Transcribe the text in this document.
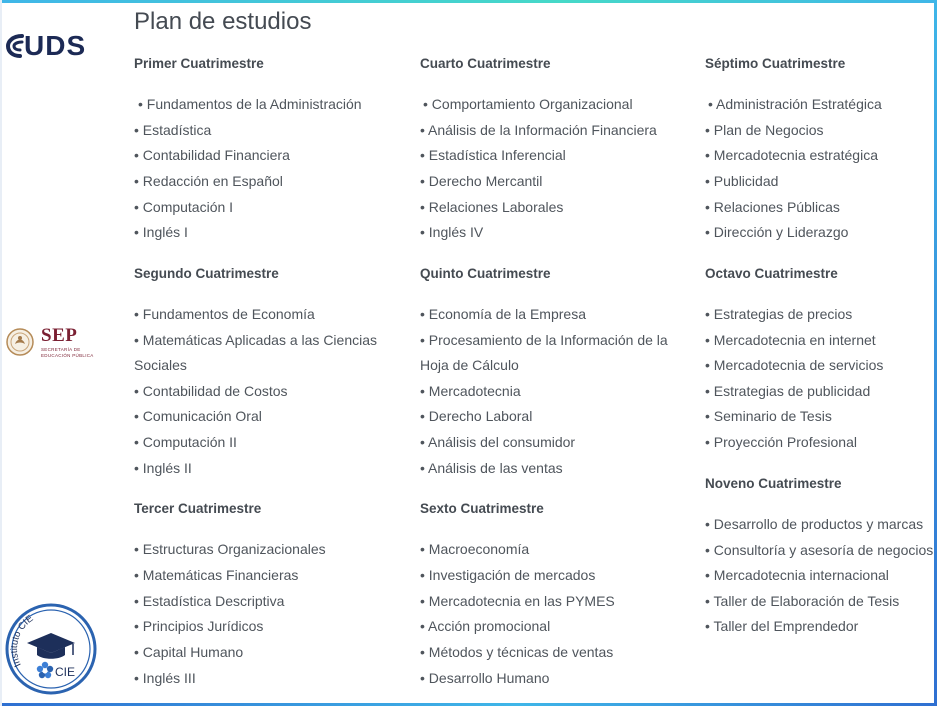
Plan de estudios
UDS
SEP
SECRETARÍA DE
EDUCACIÓN PÚBLICA
CIE
Instituto CIE
Primer Cuatrimestre
• Fundamentos de la Administración
• Estadística
• Contabilidad Financiera
• Redacción en Español
• Computación I
• Inglés I
Segundo Cuatrimestre
• Fundamentos de Economía
• Matemáticas Aplicadas a las Ciencias
Sociales
• Contabilidad de Costos
• Comunicación Oral
• Computación II
• Inglés II
Tercer Cuatrimestre
• Estructuras Organizacionales
• Matemáticas Financieras
• Estadística Descriptiva
• Principios Jurídicos
• Capital Humano
• Inglés III
Cuarto Cuatrimestre
• Comportamiento Organizacional
• Análisis de la Información Financiera
• Estadística Inferencial
• Derecho Mercantil
• Relaciones Laborales
• Inglés IV
Quinto Cuatrimestre
• Economía de la Empresa
• Procesamiento de la Información de la
Hoja de Cálculo
• Mercadotecnia
• Derecho Laboral
• Análisis del consumidor
• Análisis de las ventas
Sexto Cuatrimestre
• Macroeconomía
• Investigación de mercados
• Mercadotecnia en las PYMES
• Acción promocional
• Métodos y técnicas de ventas
• Desarrollo Humano
Séptimo Cuatrimestre
• Administración Estratégica
• Plan de Negocios
• Mercadotecnia estratégica
• Publicidad
• Relaciones Públicas
• Dirección y Liderazgo
Octavo Cuatrimestre
• Estrategias de precios
• Mercadotecnia en internet
• Mercadotecnia de servicios
• Estrategias de publicidad
• Seminario de Tesis
• Proyección Profesional
Noveno Cuatrimestre
• Desarrollo de productos y marcas
• Consultoría y asesoría de negocios
• Mercadotecnia internacional
• Taller de Elaboración de Tesis
• Taller del Emprendedor
